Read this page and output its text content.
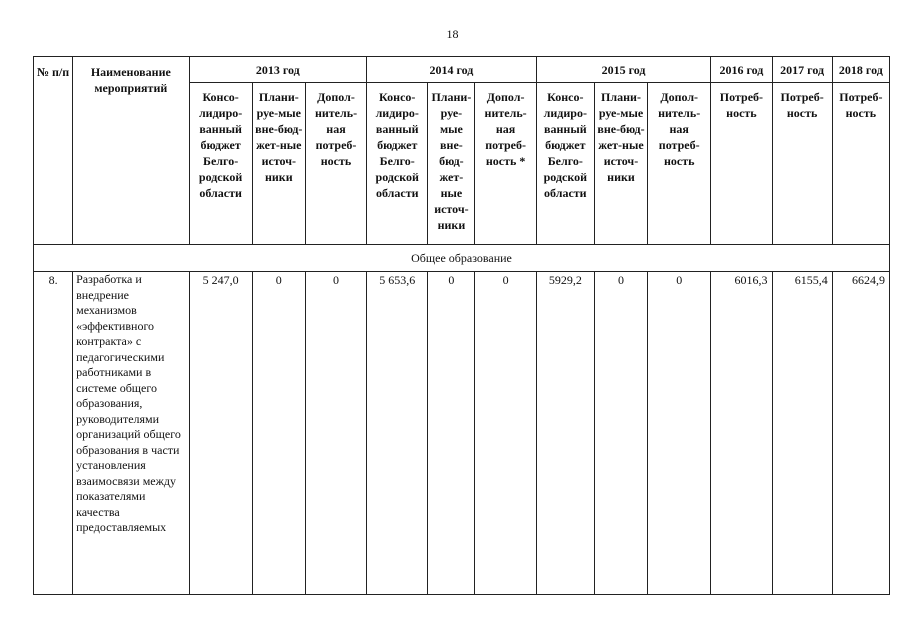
18
№ п/п	Наименование мероприятий	2013 год			2014 год			2015 год			2016 год	2017 год	2018 год
		Консо-лидиро-ванный бюджет Белго-родской области	Плани-руе-мые вне-бюд-жет-ные источ-ники	Допол-нитель-ная потреб-ность	Консо-лидиро-ванный бюджет Белго-родской области	Плани-руе-мые вне-бюд-жет-ные источ-ники	Допол-нитель-ная потреб-ность *	Консо-лидиро-ванный бюджет Белго-родской области	Плани-руе-мые вне-бюд-жет-ные источ-ники	Допол-нитель-ная потреб-ность	Потреб-ность	Потреб-ность	Потреб-ность
Общее образование													
8.	Разработка и внедрение механизмов «эффективного контракта» с педагогическими работниками в системе общего образования, руководителями организаций общего образования в части установления взаимосвязи между показателями качества предоставляемых	5 247,0	0	0	5 653,6	0	0	5929,2	0	0	6016,3	6155,4	6624,9
